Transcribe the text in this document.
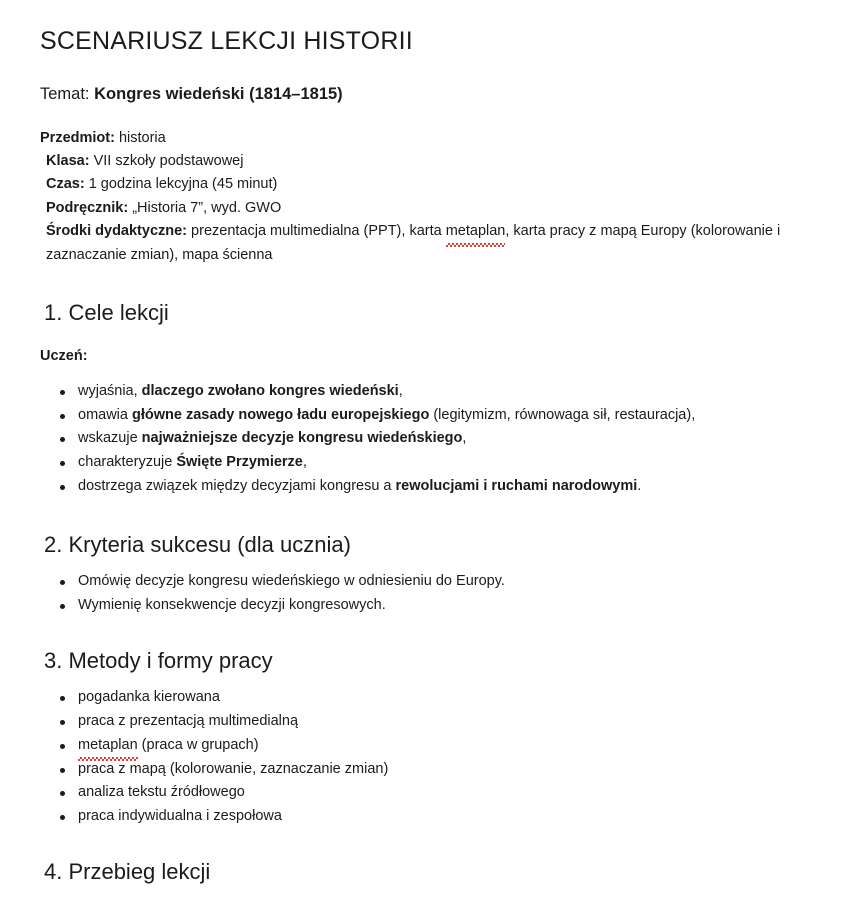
SCENARIUSZ LEKCJI HISTORII

Temat: Kongres wiedeński (1814–1815)

Przedmiot: historia
Klasa: VII szkoły podstawowej
Czas: 1 godzina lekcyjna (45 minut)
Podręcznik: „Historia 7”, wyd. GWO
Środki dydaktyczne: prezentacja multimedialna (PPT), karta metaplan, karta pracy z mapą Europy (kolorowanie i zaznaczanie zmian), mapa ścienna
1. Cele lekcji

Uczeń:

wyjaśnia, dlaczego zwołano kongres wiedeński,
omawia główne zasady nowego ładu europejskiego (legitymizm, równowaga sił, restauracja),
wskazuje najważniejsze decyzje kongresu wiedeńskiego,
charakteryzuje Święte Przymierze,
dostrzega związek między decyzjami kongresu a rewolucjami i ruchami narodowymi.
2. Kryteria sukcesu (dla ucznia)
Omówię decyzje kongresu wiedeńskiego w odniesieniu do Europy.
Wymienię konsekwencje decyzji kongresowych.
3. Metody i formy pracy
pogadanka kierowana
praca z prezentacją multimedialną
metaplan (praca w grupach)
praca z mapą (kolorowanie, zaznaczanie zmian)
analiza tekstu źródłowego
praca indywidualna i zespołowa
4. Przebieg lekcji
